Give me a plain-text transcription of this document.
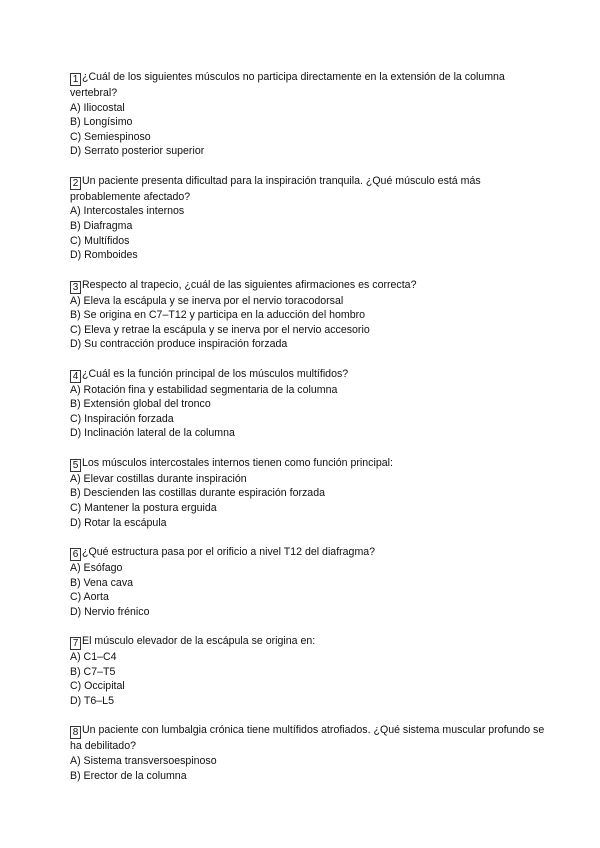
1 ¿Cuál de los siguientes músculos no participa directamente en la extensión de la columna vertebral?
A) Iliocostal
B) Longísimo
C) Semiespinoso
D) Serrato posterior superior
2 Un paciente presenta dificultad para la inspiración tranquila. ¿Qué músculo está más probablemente afectado?
A) Intercostales internos
B) Diafragma
C) Multífidos
D) Romboides
3 Respecto al trapecio, ¿cuál de las siguientes afirmaciones es correcta?
A) Eleva la escápula y se inerva por el nervio toracodorsal
B) Se origina en C7–T12 y participa en la aducción del hombro
C) Eleva y retrae la escápula y se inerva por el nervio accesorio
D) Su contracción produce inspiración forzada
4 ¿Cuál es la función principal de los músculos multífidos?
A) Rotación fina y estabilidad segmentaria de la columna
B) Extensión global del tronco
C) Inspiración forzada
D) Inclinación lateral de la columna
5 Los músculos intercostales internos tienen como función principal:
A) Elevar costillas durante inspiración
B) Descienden las costillas durante espiración forzada
C) Mantener la postura erguida
D) Rotar la escápula
6 ¿Qué estructura pasa por el orificio a nivel T12 del diafragma?
A) Esófago
B) Vena cava
C) Aorta
D) Nervio frénico
7 El músculo elevador de la escápula se origina en:
A) C1–C4
B) C7–T5
C) Occipital
D) T6–L5
8 Un paciente con lumbalgia crónica tiene multífidos atrofiados. ¿Qué sistema muscular profundo se ha debilitado?
A) Sistema transversoespinoso
B) Erector de la columna
